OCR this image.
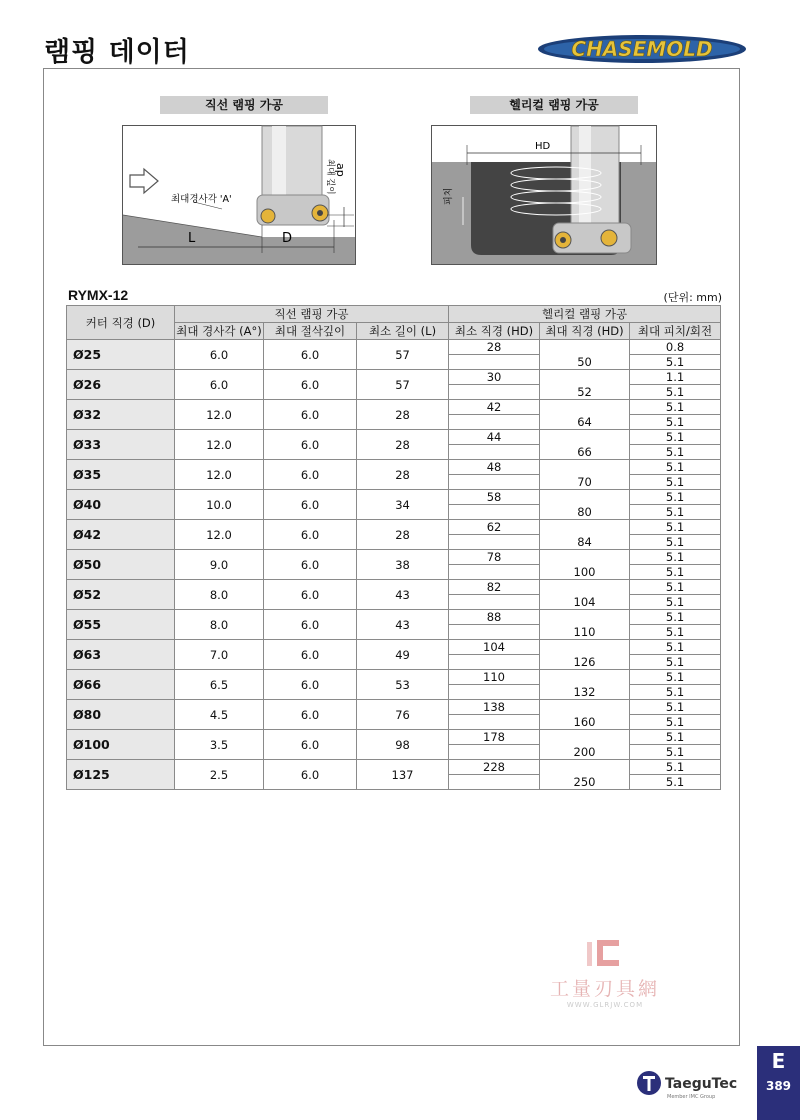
램핑 데이터	CHASEMOLD
직선 램핑 가공
L	D
최대경사각 'A'
최대 깊이 ap
헬리컬 램핑 가공
HD
피치
RYMX-12	(단위: mm)
커터 직경 (D)	직선 램핑 가공			헬리컬 램핑 가공		
	최대 경사각 (A°)	최대 절삭깊이	최소 길이 (L)	최소 직경 (HD)	최대 직경 (HD)	최대 피치/회전
Ø25	6.0	6.0	57	28		0.8
					50	5.1
Ø26	6.0	6.0	57	30		1.1
					52	5.1
Ø32	12.0	6.0	28	42		5.1
					64	5.1
Ø33	12.0	6.0	28	44		5.1
					66	5.1
Ø35	12.0	6.0	28	48		5.1
					70	5.1
Ø40	10.0	6.0	34	58		5.1
					80	5.1
Ø42	12.0	6.0	28	62		5.1
					84	5.1
Ø50	9.0	6.0	38	78		5.1
					100	5.1
Ø52	8.0	6.0	43	82		5.1
					104	5.1
Ø55	8.0	6.0	43	88		5.1
					110	5.1
Ø63	7.0	6.0	49	104		5.1
					126	5.1
Ø66	6.5	6.0	53	110		5.1
					132	5.1
Ø80	4.5	6.0	76	138		5.1
					160	5.1
Ø100	3.5	6.0	98	178		5.1
					200	5.1
Ø125	2.5	6.0	137	228		5.1
					250	5.1
工量刃具網
WWW.GLRJW.COM
TaeguTec
Member IMC Group
E
389
